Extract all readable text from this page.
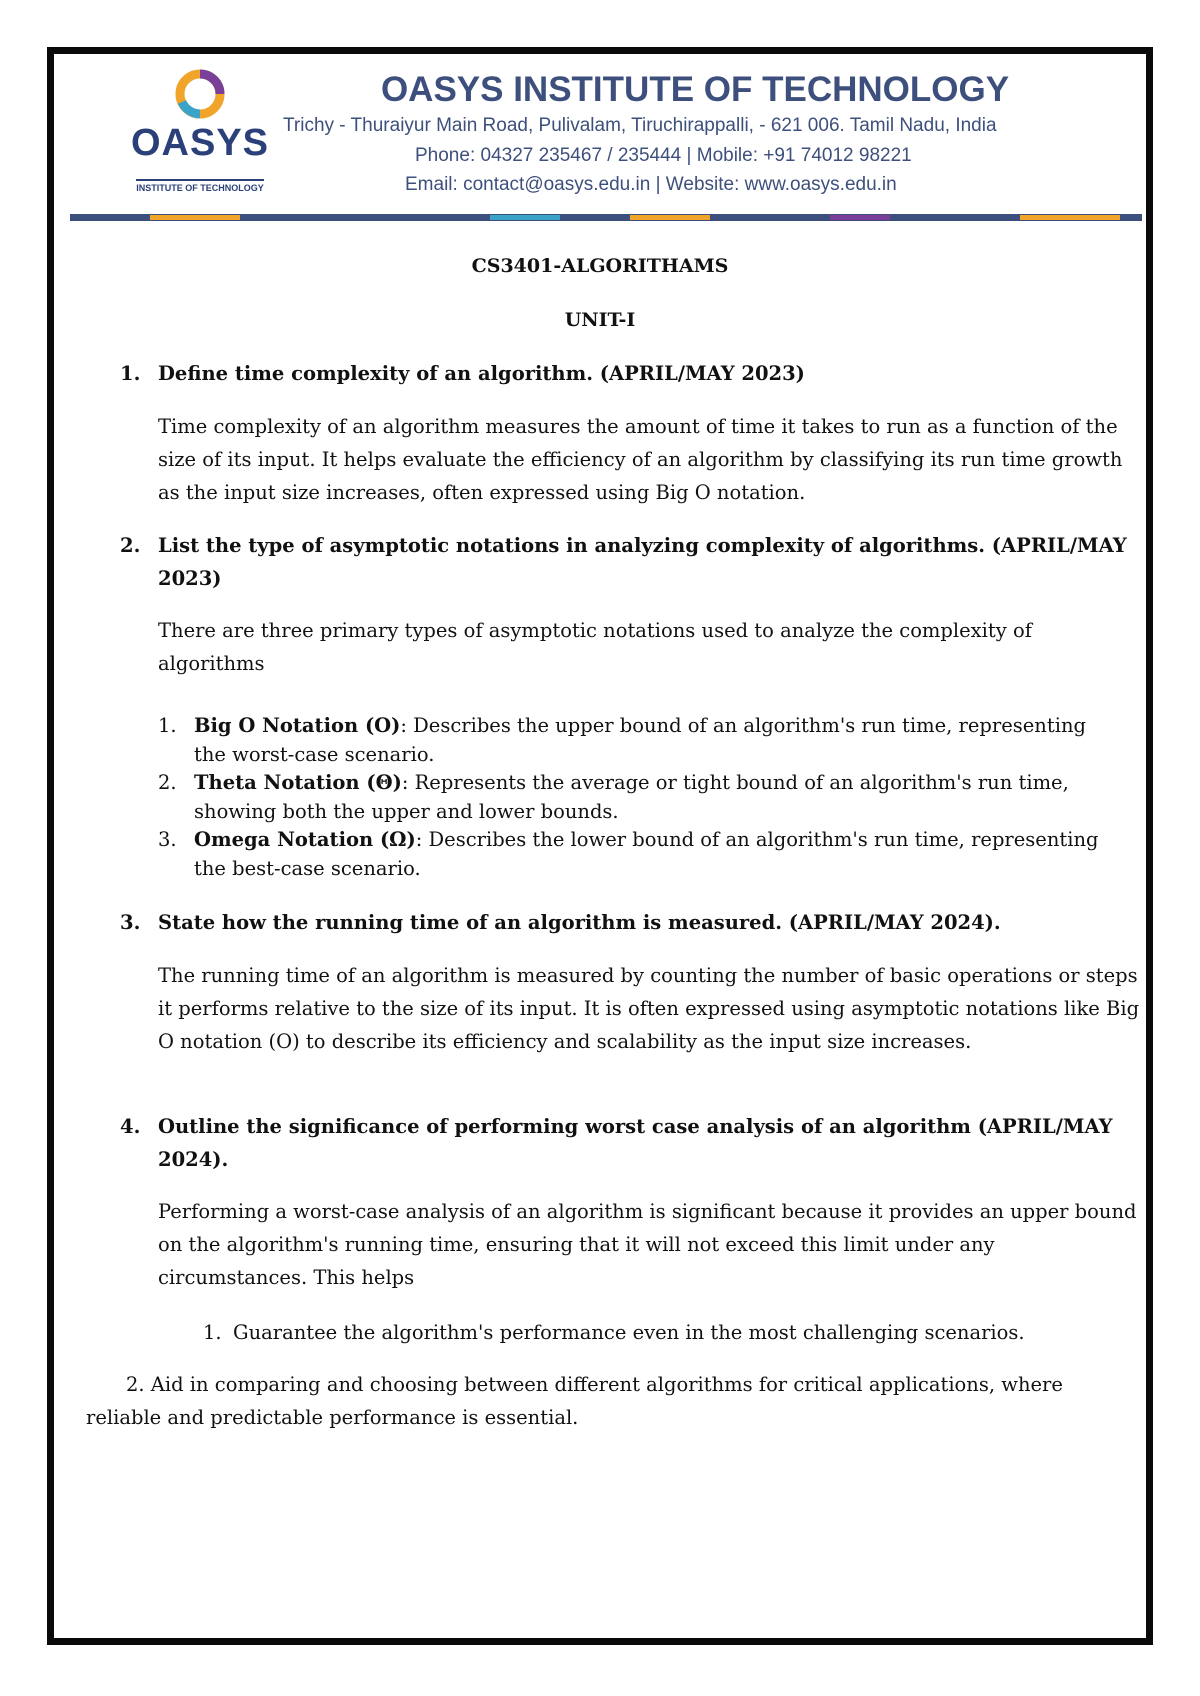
OASYS
INSTITUTE OF TECHNOLOGY
OASYS INSTITUTE OF TECHNOLOGY
Trichy - Thuraiyur Main Road, Pulivalam, Tiruchirappalli, - 621 006. Tamil Nadu, India
Phone: 04327 235467 / 235444 | Mobile: +91 74012 98221
Email: contact@oasys.edu.in | Website: www.oasys.edu.in
CS3401-ALGORITHAMS
UNIT-I
1. Define time complexity of an algorithm. (APRIL/MAY 2023)
Time complexity of an algorithm measures the amount of time it takes to run as a function of the size of its input. It helps evaluate the efficiency of an algorithm by classifying its run time growth as the input size increases, often expressed using Big O notation.
2. List the type of asymptotic notations in analyzing complexity of algorithms. (APRIL/MAY 2023)
There are three primary types of asymptotic notations used to analyze the complexity of algorithms
1. Big O Notation (O): Describes the upper bound of an algorithm's run time, representing the worst-case scenario.
2. Theta Notation (Θ): Represents the average or tight bound of an algorithm's run time, showing both the upper and lower bounds.
3. Omega Notation (Ω): Describes the lower bound of an algorithm's run time, representing the best-case scenario.
3. State how the running time of an algorithm is measured. (APRIL/MAY 2024).
The running time of an algorithm is measured by counting the number of basic operations or steps it performs relative to the size of its input. It is often expressed using asymptotic notations like Big O notation (O) to describe its efficiency and scalability as the input size increases.
4. Outline the significance of performing worst case analysis of an algorithm (APRIL/MAY 2024).
Performing a worst-case analysis of an algorithm is significant because it provides an upper bound on the algorithm's running time, ensuring that it will not exceed this limit under any circumstances. This helps
1. Guarantee the algorithm's performance even in the most challenging scenarios.
2. Aid in comparing and choosing between different algorithms for critical applications, where reliable and predictable performance is essential.
